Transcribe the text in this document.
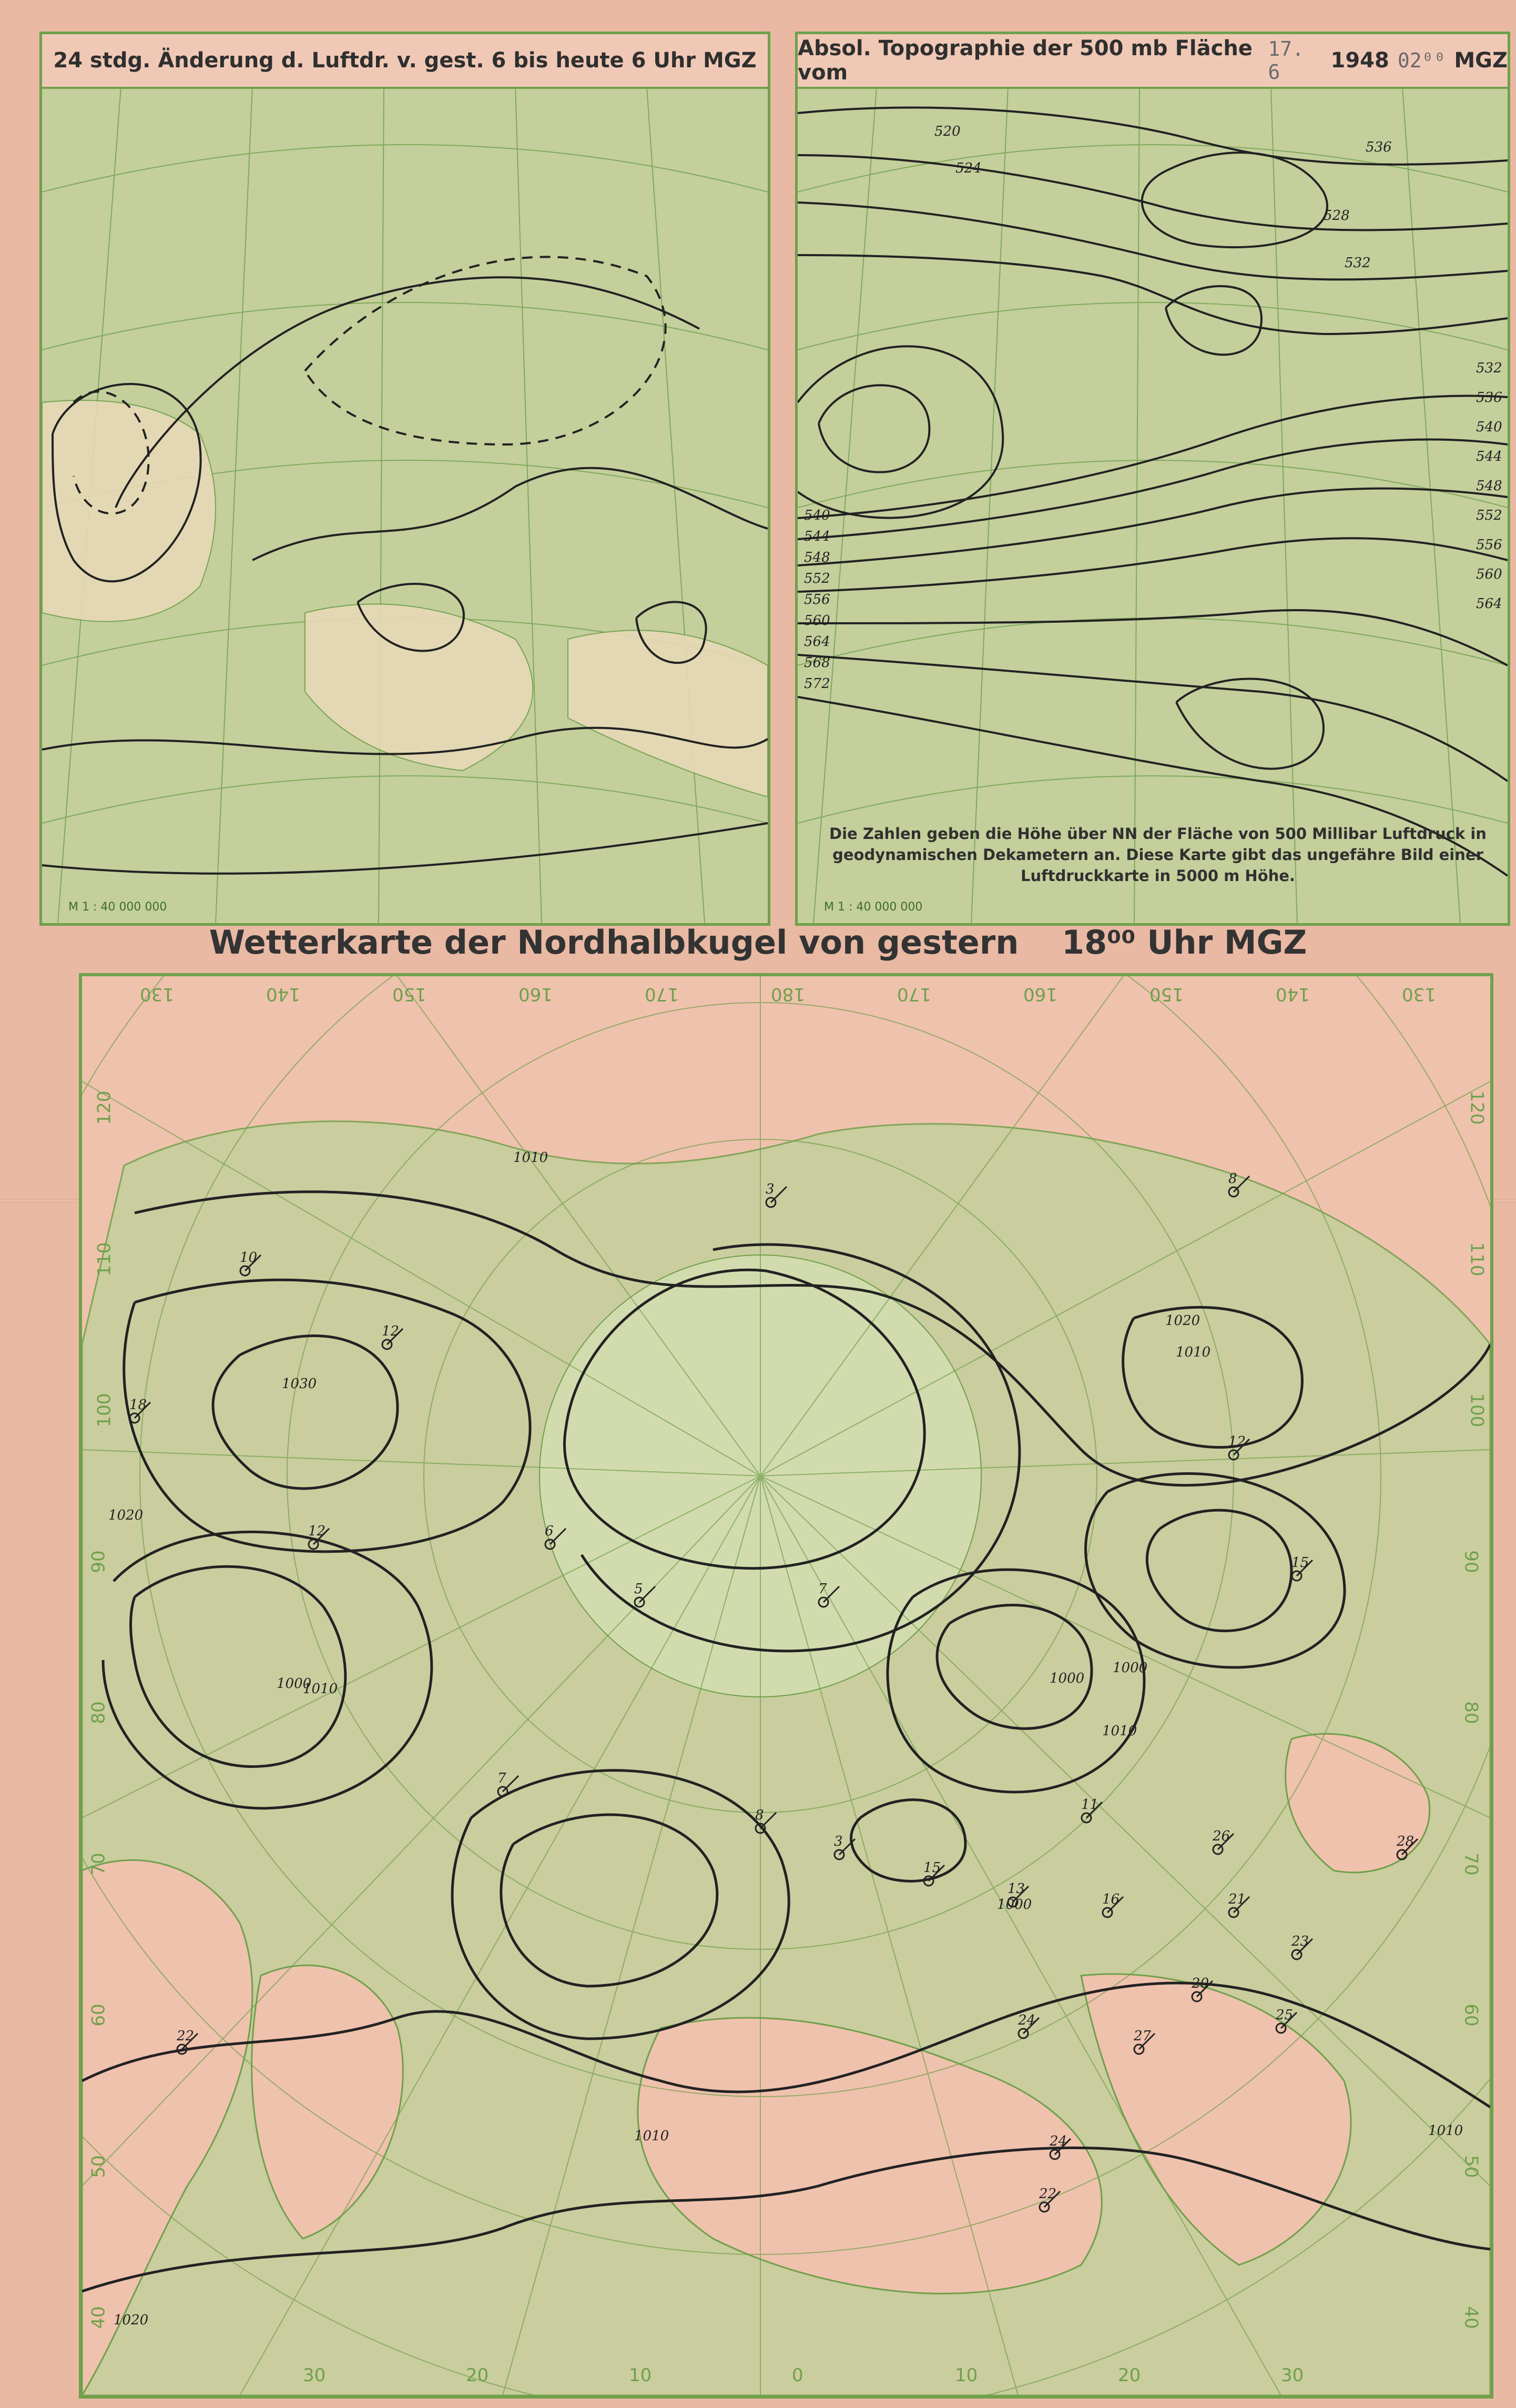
24 stdg. Änderung d. Luftdr. v. gest. 6 bis heute 6 Uhr MGZ
M 1 : 40 000 000
Absol. Topographie der 500 mb Fläche vom
17. 6	1948 02⁰⁰ MGZ
540
544
548
552
556
560
564
568
572
532
536
540
544
548
552
556
560
564
520
524
528
532
536
Die Zahlen geben die Höhe über NN der Fläche von 500 Millibar Luftdruck in geodynamischen Dekametern an. Diese Karte gibt das ungefähre Bild einer Luftdruckkarte in 5000 m Höhe.
M 1 : 40 000 000
Wetterkarte der Nordhalbkugel von gestern 18⁰⁰ Uhr MGZ
130	140	150	160	170	180	170	160	150	140	130
30	20	10	0	10	20	30
120
110
100
90
80
70
60
50
40
120
110
100
90
80
70
60
50
40
1010
1020
1030
1000
1010
1020
1010
1000
1000
1010
1020
1010
1000
1010
10
12
18
12	6
3
7
7
22
5
8
12
15
11
3
8
15
13
16	21
23
20
25
24
27
22
24
26	28
